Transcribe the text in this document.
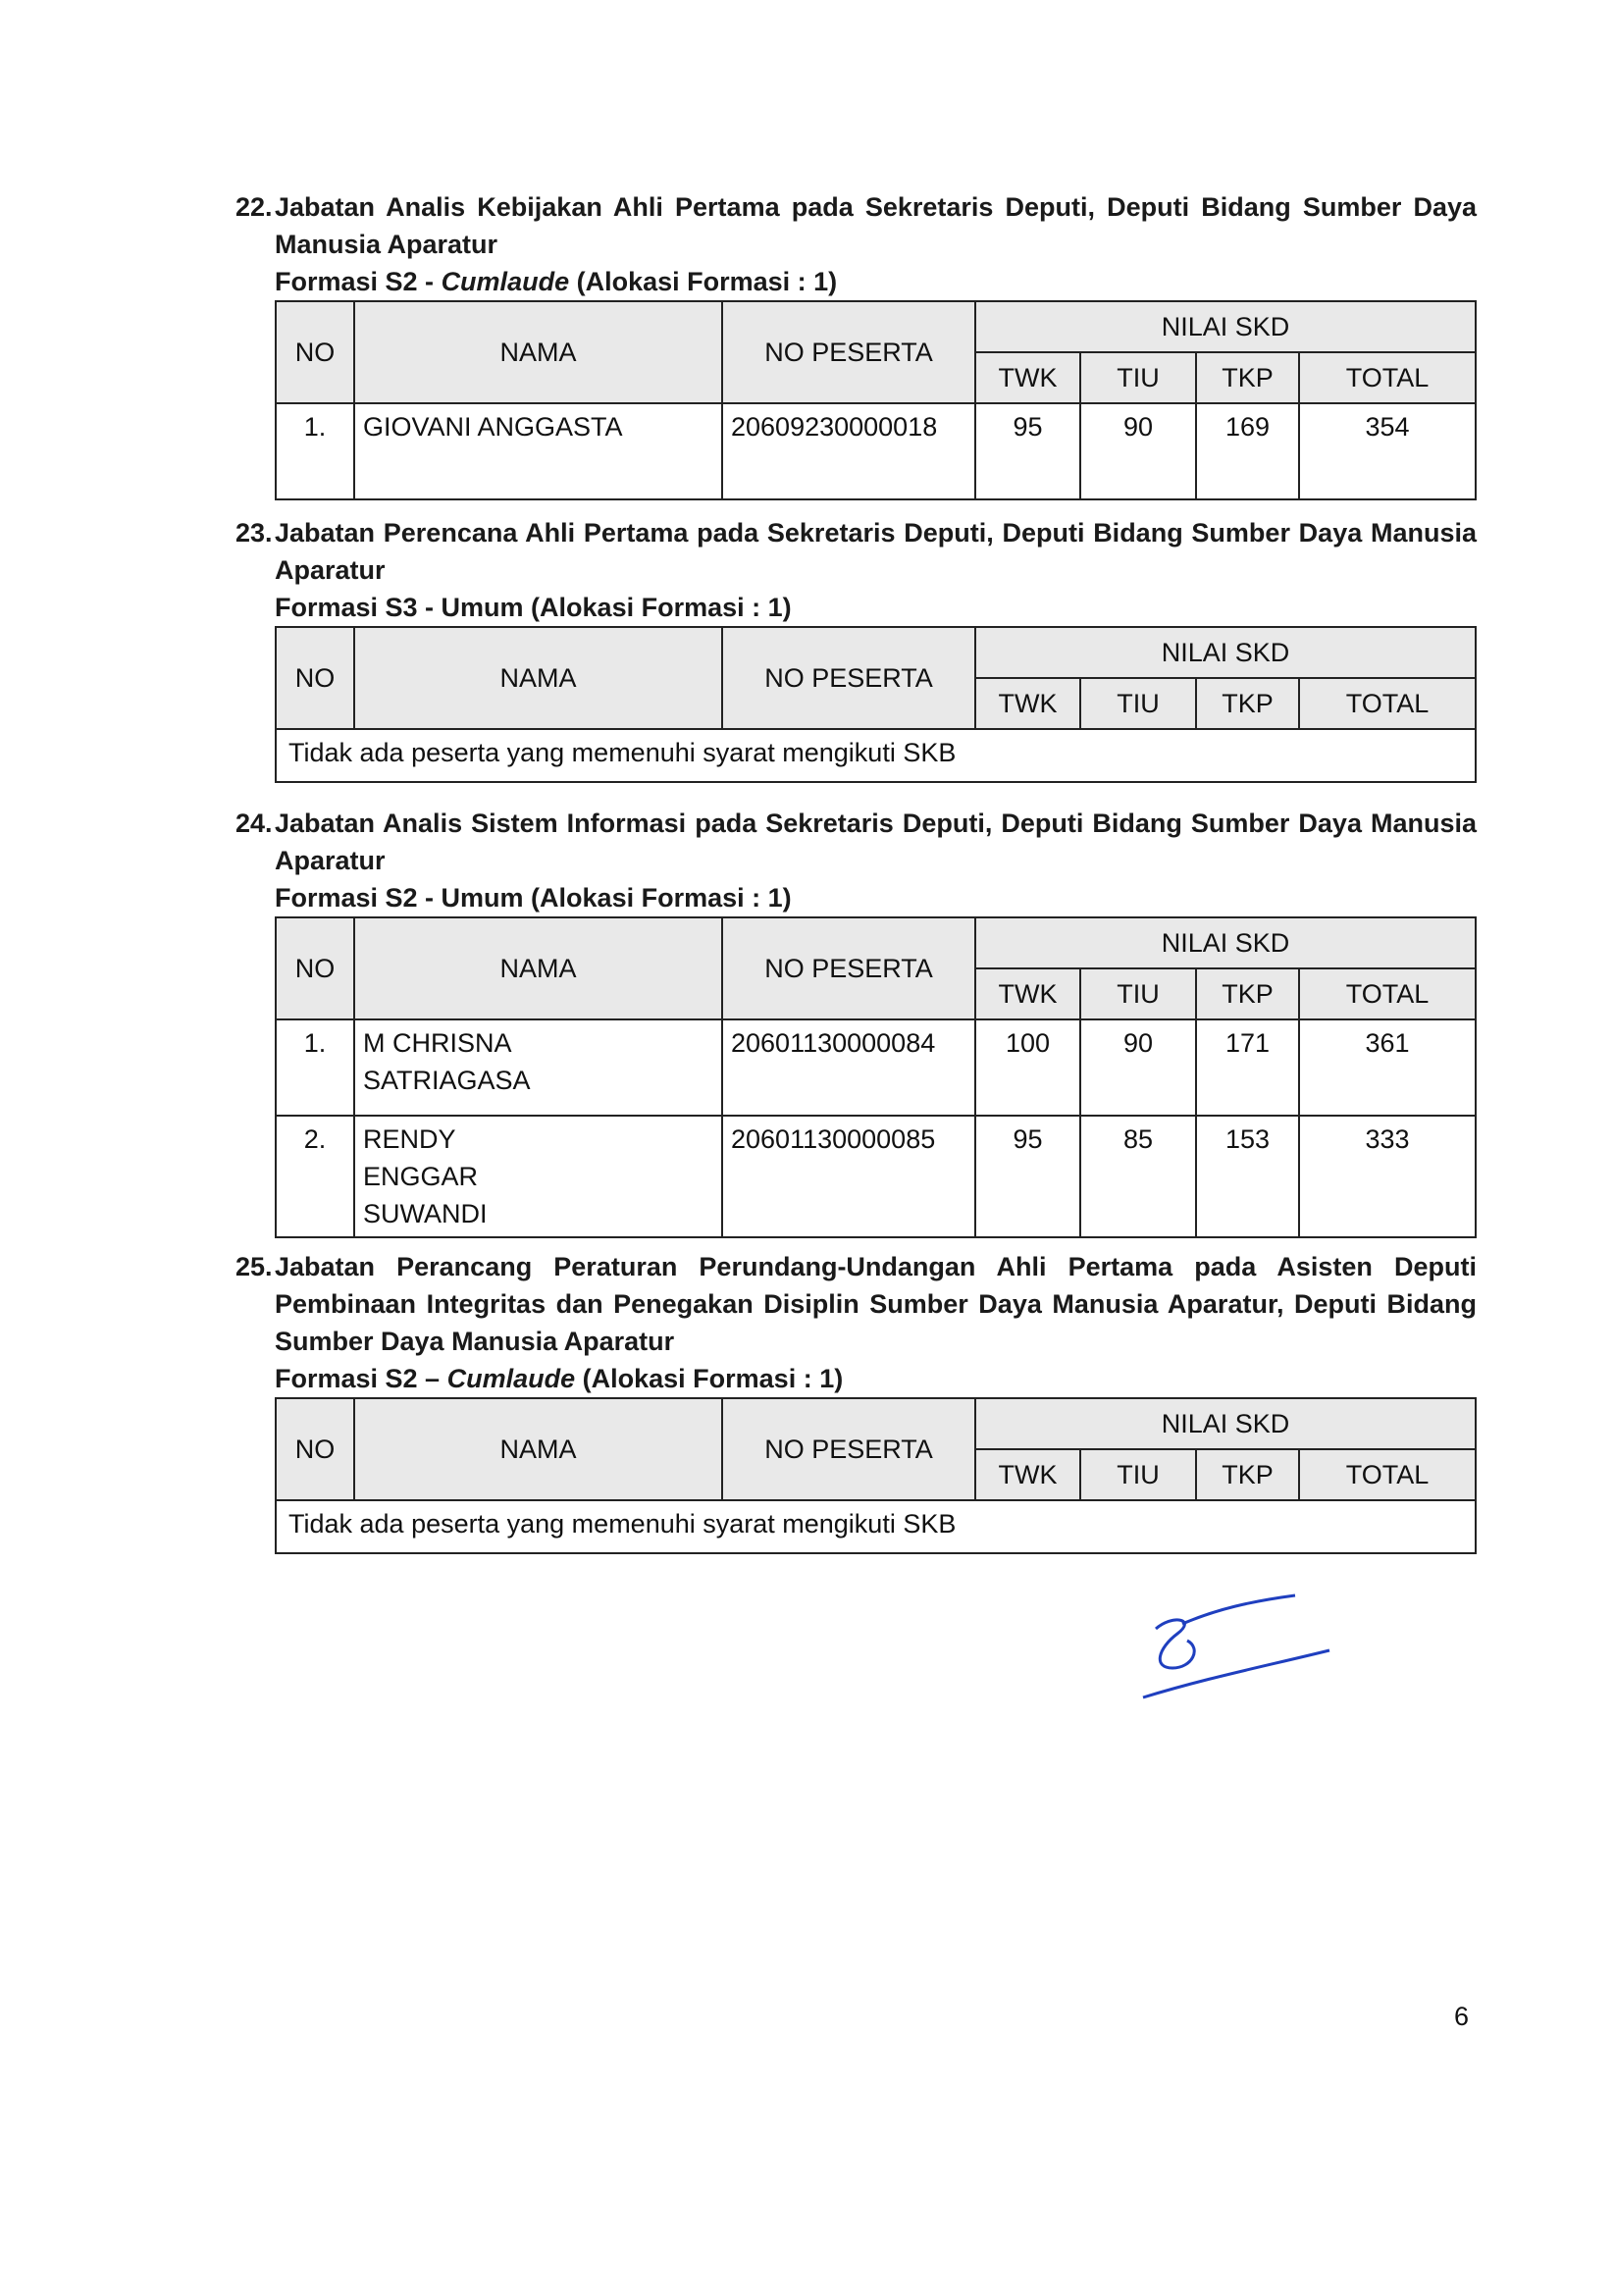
22. Jabatan Analis Kebijakan Ahli Pertama pada Sekretaris Deputi, Deputi Bidang Sumber Daya Manusia Aparatur
Formasi S2 - Cumlaude (Alokasi Formasi : 1)
NO	NAMA	NO PESERTA	NILAI SKD			
			TWK	TIU	TKP	TOTAL
1.	GIOVANI ANGGASTA	20609230000018	95	90	169	354
23. Jabatan Perencana Ahli Pertama pada Sekretaris Deputi, Deputi Bidang Sumber Daya Manusia Aparatur
Formasi S3 - Umum (Alokasi Formasi : 1)
NO	NAMA	NO PESERTA	NILAI SKD			
			TWK	TIU	TKP	TOTAL
Tidak ada peserta yang memenuhi syarat mengikuti SKB						
24. Jabatan Analis Sistem Informasi pada Sekretaris Deputi, Deputi Bidang Sumber Daya Manusia Aparatur
Formasi S2 - Umum (Alokasi Formasi : 1)
NO	NAMA	NO PESERTA	NILAI SKD			
			TWK	TIU	TKP	TOTAL
1.	M CHRISNA SATRIAGASA	20601130000084	100	90	171	361
2.	RENDY ENGGAR SUWANDI	20601130000085	95	85	153	333
25. Jabatan Perancang Peraturan Perundang-Undangan Ahli Pertama pada Asisten Deputi Pembinaan Integritas dan Penegakan Disiplin Sumber Daya Manusia Aparatur, Deputi Bidang Sumber Daya Manusia Aparatur
Formasi S2 – Cumlaude (Alokasi Formasi : 1)
NO	NAMA	NO PESERTA	NILAI SKD			
			TWK	TIU	TKP	TOTAL
Tidak ada peserta yang memenuhi syarat mengikuti SKB						
6
